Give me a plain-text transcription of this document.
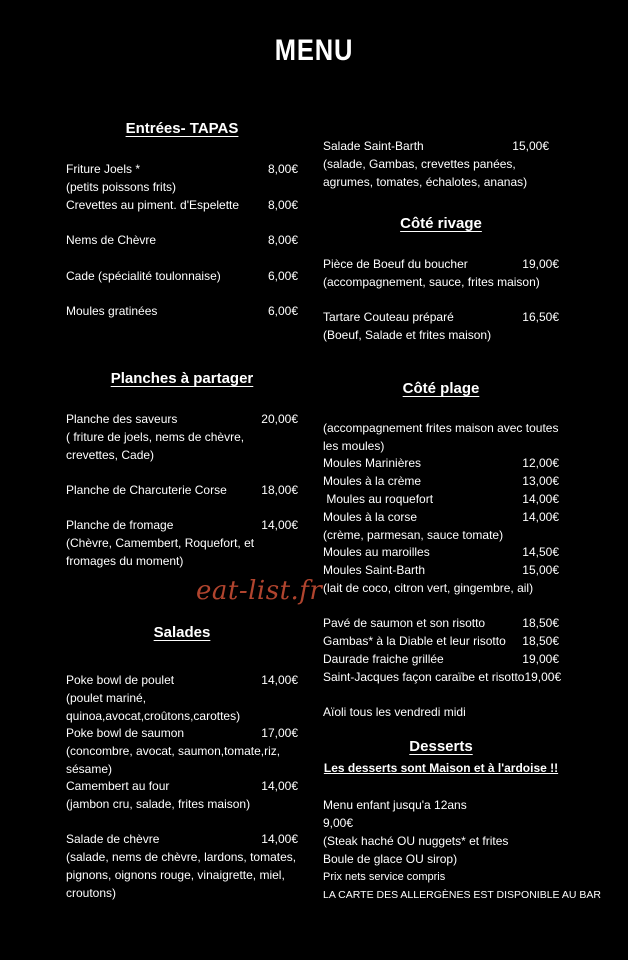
MENU
Entrées- TAPAS
Friture Joels *	8,00€
(petits poissons frits)
Crevettes au piment. d'Espelette 8,00€
Nems de Chèvre	8,00€
Cade (spécialité toulonnaise)	6,00€
Moules gratinées	6,00€
Planches à partager
Planche des saveurs	20,00€
( friture de joels, nems de chèvre, crevettes, Cade)
Planche de Charcuterie Corse	18,00€
Planche de fromage	14,00€
(Chèvre, Camembert, Roquefort, et fromages du moment)
Salades
Poke bowl de poulet	14,00€
(poulet mariné, quinoa,avocat,croûtons,carottes)
Poke bowl de saumon	17,00€
(concombre, avocat, saumon,tomate,riz, sésame)
Camembert au four	14,00€
(jambon cru, salade, frites maison)
Salade de chèvre	14,00€
(salade, nems de chèvre, lardons, tomates, pignons, oignons rouge, vinaigrette, miel, croutons)
Salade Saint-Barth	15,00€
(salade, Gambas, crevettes panées, agrumes, tomates, échalotes, ananas)
Côté rivage
Pièce de Boeuf du boucher	19,00€
(accompagnement, sauce, frites maison)
Tartare Couteau préparé	16,50€
(Boeuf, Salade et frites maison)
Côté plage
(accompagnement frites maison avec toutes les moules)
Moules Marinières	12,00€
Moules à la crème	13,00€
Moules au roquefort	14,00€
Moules à la corse	14,00€
(crème, parmesan, sauce tomate)
Moules au maroilles	14,50€
Moules Saint-Barth	15,00€
(lait de coco, citron vert, gingembre, ail)
Pavé de saumon et son risotto	18,50€
Gambas* à la Diable et leur risotto 18,50€
Daurade fraiche grillée	19,00€
Saint-Jacques façon caraïbe et risotto 19,00€
Aïoli tous les vendredi midi
Desserts
Les desserts sont Maison et à l'ardoise !!
Menu enfant jusqu'a 12ans
9,00€
(Steak haché OU nuggets* et frites
Boule de glace OU sirop)
Prix nets service compris
LA CARTE DES ALLERGÈNES EST DISPONIBLE AU BAR
eat-list.fr
